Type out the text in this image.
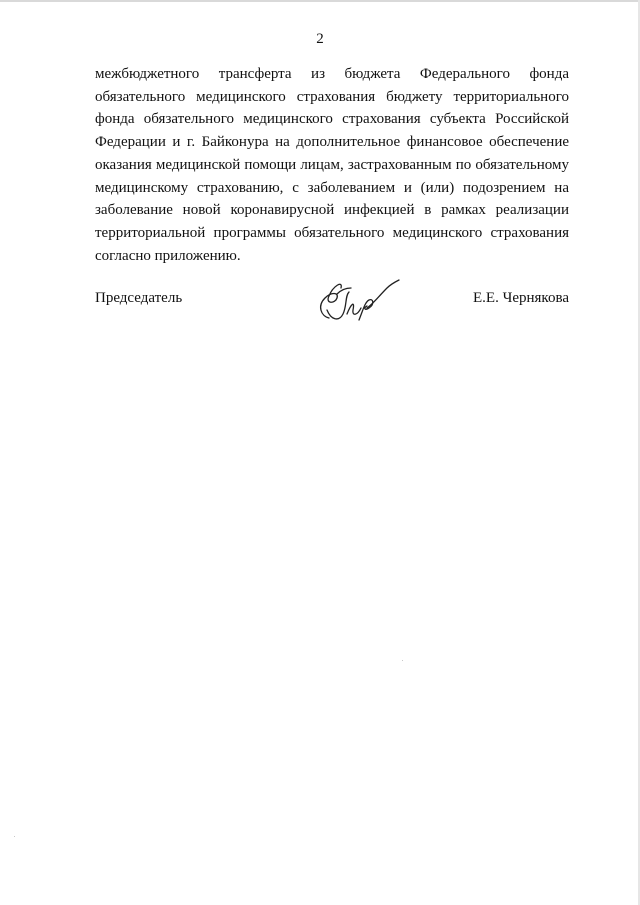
2

межбюджетного трансферта из бюджета Федерального фонда обязательного медицинского страхования бюджету территориального фонда обязательного медицинского страхования субъекта Российской Федерации и г. Байконура на дополнительное финансовое обеспечение оказания медицинской помощи лицам, застрахованным по обязательному медицинскому страхованию, с заболеванием и (или) подозрением на заболевание новой коронавирусной инфекцией в рамках реализации территориальной программы обязательного медицинского страхования согласно приложению.

Председатель	Е.Е. Чернякова
